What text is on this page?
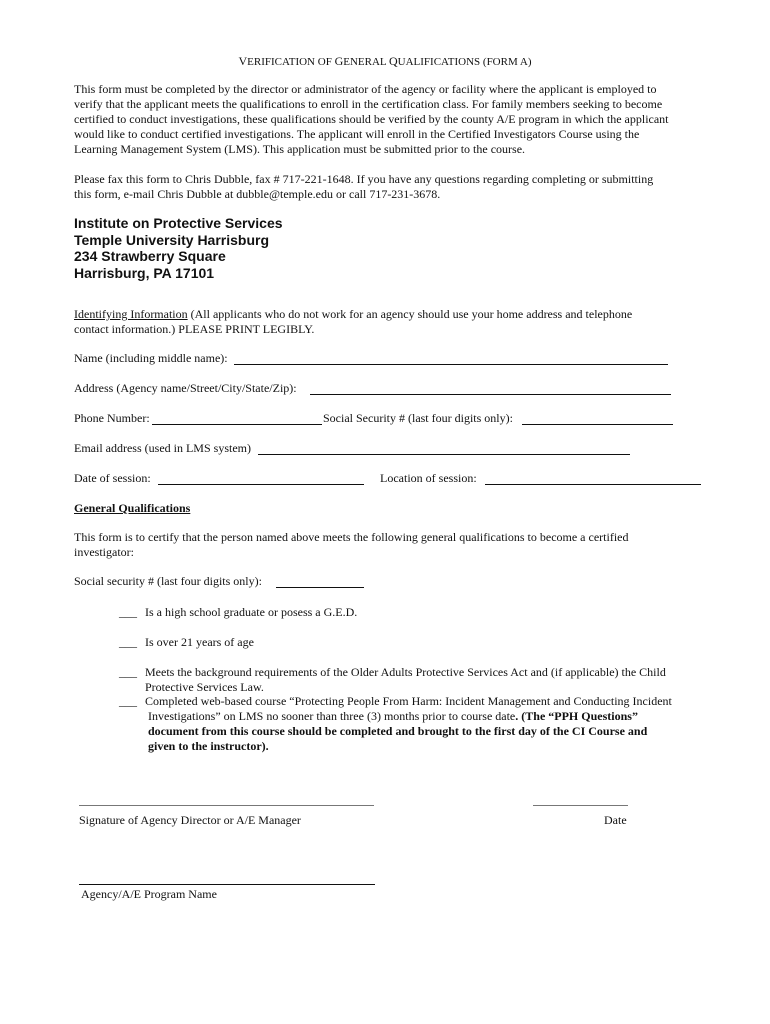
VERIFICATION OF GENERAL QUALIFICATIONS (FORM A)
This form must be completed by the director or administrator of the agency or facility where the applicant is employed to
verify that the applicant meets the qualifications to enroll in the certification class. For family members seeking to become
certified to conduct investigations, these qualifications should be verified by the county A/E program in which the applicant
would like to conduct certified investigations. The applicant will enroll in the Certified Investigators Course using the
Learning Management System (LMS). This application must be submitted prior to the course.
Please fax this form to Chris Dubble, fax # 717-221-1648. If you have any questions regarding completing or submitting
this form, e-mail Chris Dubble at dubble@temple.edu or call 717-231-3678.
Institute on Protective Services
Temple University Harrisburg
234 Strawberry Square
Harrisburg, PA 17101
Identifying Information (All applicants who do not work for an agency should use your home address and telephone
contact information.) PLEASE PRINT LEGIBLY.
Name (including middle name):
Address (Agency name/Street/City/State/Zip):
Phone Number:	Social Security # (last four digits only):
Email address (used in LMS system)
Date of session:	Location of session:
General Qualifications
This form is to certify that the person named above meets the following general qualifications to become a certified
investigator:
Social security # (last four digits only):
___ Is a high school graduate or posess a G.E.D.
___ Is over 21 years of age
___ Meets the background requirements of the Older Adults Protective Services Act and (if applicable) the Child
Protective Services Law.
___ Completed web-based course “Protecting People From Harm: Incident Management and Conducting Incident
Investigations” on LMS no sooner than three (3) months prior to course date. (The “PPH Questions”
document from this course should be completed and brought to the first day of the CI Course and
given to the instructor).
Signature of Agency Director or A/E Manager	Date
Agency/A/E Program Name
